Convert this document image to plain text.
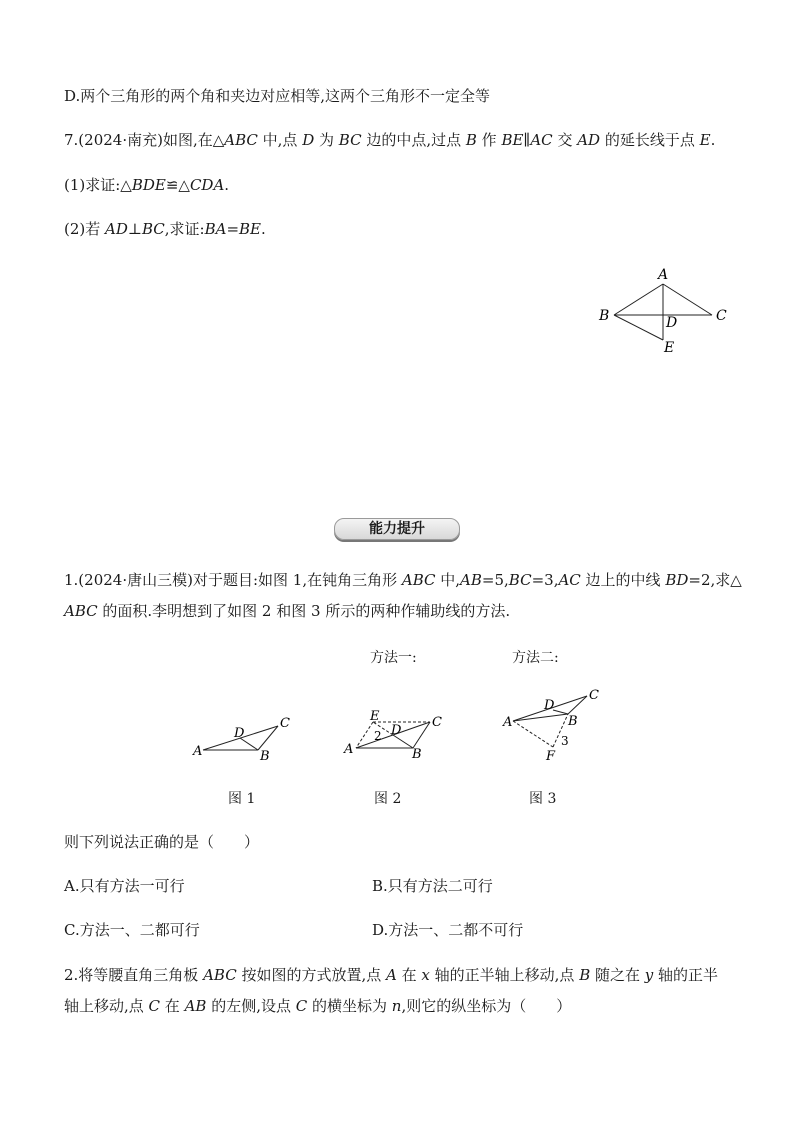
D.两个三角形的两个角和夹边对应相等,这两个三角形不一定全等
7.(2024·南充)如图,在△ABC 中,点 D 为 BC 边的中点,过点 B 作 BE∥AC 交 AD 的延长线于点 E.
(1)求证:△BDE≌△CDA.
(2)若 AD⊥BC,求证:BA=BE.
A
B	C
D
E
能力提升
1.(2024·唐山三模)对于题目:如图 1,在钝角三角形 ABC 中,AB=5,BC=3,AC 边上的中线 BD=2,求△
ABC 的面积.李明想到了如图 2 和图 3 所示的两种作辅助线的方法.
方法一:	方法二:
A	B
C
D
A	B
C
D
E
2
A	B
C
D
F
3
图 1	图 2	图 3
则下列说法正确的是（　　）
A.只有方法一可行	B.只有方法二可行
C.方法一、二都可行	D.方法一、二都不可行
2.将等腰直角三角板 ABC 按如图的方式放置,点 A 在 x 轴的正半轴上移动,点 B 随之在 y 轴的正半
轴上移动,点 C 在 AB 的左侧,设点 C 的横坐标为 n,则它的纵坐标为（　　）
